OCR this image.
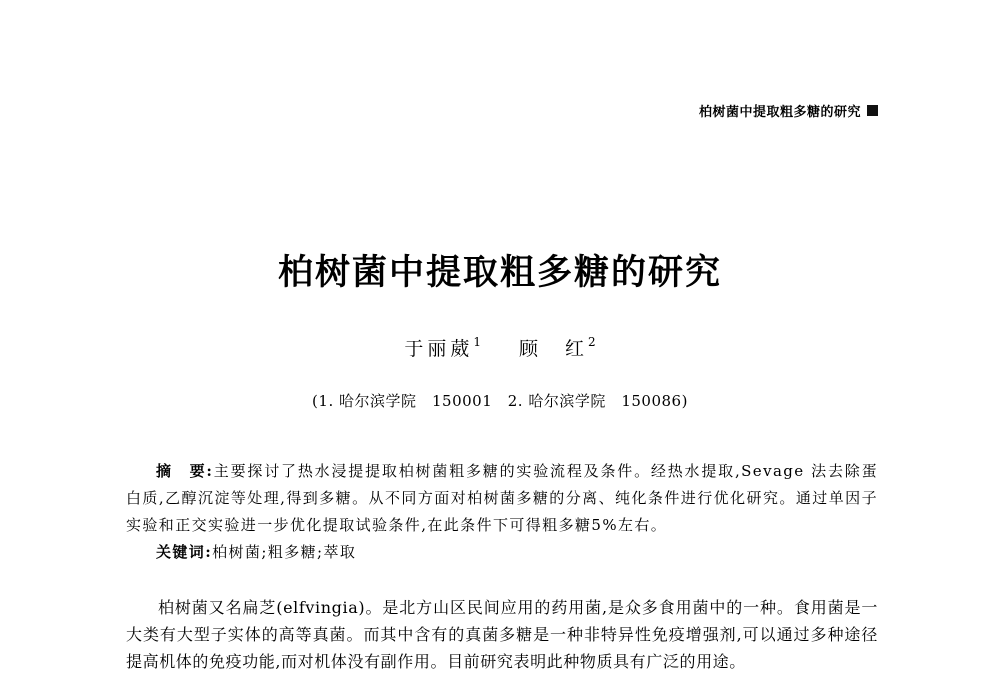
柏树菌中提取粗多糖的研究
柏树菌中提取粗多糖的研究
于丽葳$^1$ 顾　红$^2$
(1. 哈尔滨学院　150001　2. 哈尔滨学院　150086)

摘　要:主要探讨了热水浸提提取柏树菌粗多糖的实验流程及条件。经热水提取,Sevage 法去除蛋白质,乙醇沉淀等处理,得到多糖。从不同方面对柏树菌多糖的分离、纯化条件进行优化研究。通过单因子实验和正交实验进一步优化提取试验条件,在此条件下可得粗多糖5%左右。

关键词:柏树菌;粗多糖;萃取

柏树菌又名扁芝(elfvingia)。是北方山区民间应用的药用菌,是众多食用菌中的一种。食用菌是一大类有大型子实体的高等真菌。而其中含有的真菌多糖是一种非特异性免疫增强剂,可以通过多种途径提高机体的免疫功能,而对机体没有副作用。目前研究表明此种物质具有广泛的用途。
